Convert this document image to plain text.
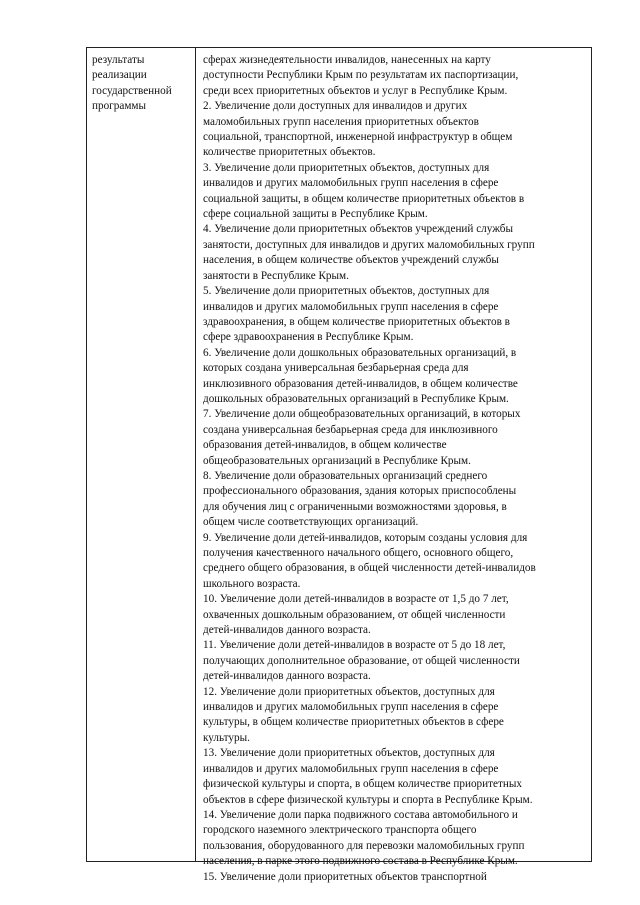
результаты
реализации
государственной
программы
сферах жизнедеятельности инвалидов, нанесенных на карту
доступности Республики Крым по результатам их паспортизации,
среди всех приоритетных объектов и услуг в Республике Крым.
2. Увеличение доли доступных для инвалидов и других
маломобильных групп населения приоритетных объектов
социальной, транспортной, инженерной инфраструктур в общем
количестве приоритетных объектов.
3. Увеличение доли приоритетных объектов, доступных для
инвалидов и других маломобильных групп населения в сфере
социальной защиты, в общем количестве приоритетных объектов в
сфере социальной защиты в Республике Крым.
4. Увеличение доли приоритетных объектов учреждений службы
занятости, доступных для инвалидов и других маломобильных групп
населения, в общем количестве объектов учреждений службы
занятости в Республике Крым.
5. Увеличение доли приоритетных объектов, доступных для
инвалидов и других маломобильных групп населения в сфере
здравоохранения, в общем количестве приоритетных объектов в
сфере здравоохранения в Республике Крым.
6. Увеличение доли дошкольных образовательных организаций, в
которых создана универсальная безбарьерная среда для
инклюзивного образования детей-инвалидов, в общем количестве
дошкольных образовательных организаций в Республике Крым.
7. Увеличение доли общеобразовательных организаций, в которых
создана универсальная безбарьерная среда для инклюзивного
образования детей-инвалидов, в общем количестве
общеобразовательных организаций в Республике Крым.
8. Увеличение доли образовательных организаций среднего
профессионального образования, здания которых приспособлены
для обучения лиц с ограниченными возможностями здоровья, в
общем числе соответствующих организаций.
9. Увеличение доли детей-инвалидов, которым созданы условия для
получения качественного начального общего, основного общего,
среднего общего образования, в общей численности детей-инвалидов
школьного возраста.
10. Увеличение доли детей-инвалидов в возрасте от 1,5 до 7 лет,
охваченных дошкольным образованием, от общей численности
детей-инвалидов данного возраста.
11. Увеличение доли детей-инвалидов в возрасте от 5 до 18 лет,
получающих дополнительное образование, от общей численности
детей-инвалидов данного возраста.
12. Увеличение доли приоритетных объектов, доступных для
инвалидов и других маломобильных групп населения в сфере
культуры, в общем количестве приоритетных объектов в сфере
культуры.
13. Увеличение доли приоритетных объектов, доступных для
инвалидов и других маломобильных групп населения в сфере
физической культуры и спорта, в общем количестве приоритетных
объектов в сфере физической культуры и спорта в Республике Крым.
14. Увеличение доли парка подвижного состава автомобильного и
городского наземного электрического транспорта общего
пользования, оборудованного для перевозки маломобильных групп
населения, в парке этого подвижного состава в Республике Крым.
15. Увеличение доли приоритетных объектов транспортной
